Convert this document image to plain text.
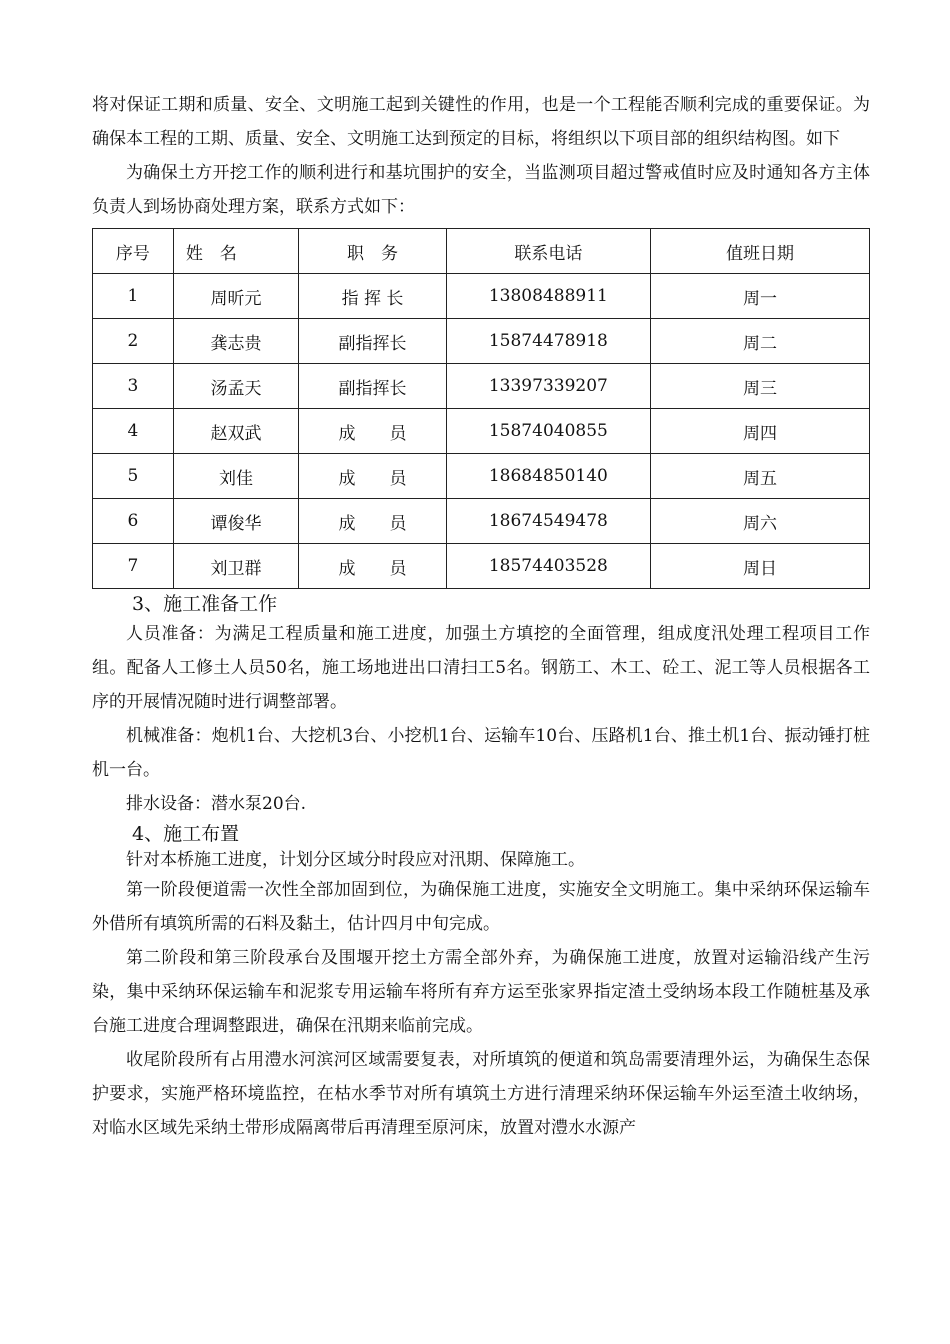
将对保证工期和质量、安全、文明施工起到关键性的作用，也是一个工程能否顺利完成的重要保证。为确保本工程的工期、质量、安全、文明施工达到预定的目标，将组织以下项目部的组织结构图。如下

为确保土方开挖工作的顺利进行和基坑围护的安全，当监测项目超过警戒值时应及时通知各方主体负责人到场协商处理方案，联系方式如下：

序号	姓　名	职　务	联系电话	值班日期
1	周昕元	指 挥 长	13808488911	周一
2	龚志贵	副指挥长	15874478918	周二
3	汤孟天	副指挥长	13397339207	周三
4	赵双武	成　　员	15874040855	周四
5	刘佳	成　　员	18684850140	周五
6	谭俊华	成　　员	18674549478	周六
7	刘卫群	成　　员	18574403528	周日

3、施工准备工作

人员准备：为满足工程质量和施工进度，加强土方填挖的全面管理，组成度汛处理工程项目工作组。配备人工修土人员50名，施工场地进出口清扫工5名。钢筋工、木工、砼工、泥工等人员根据各工序的开展情况随时进行调整部署。

机械准备：炮机1台、大挖机3台、小挖机1台、运输车10台、压路机1台、推土机1台、振动锤打桩机一台。

排水设备：潜水泵20台.

4、施工布置

针对本桥施工进度，计划分区域分时段应对汛期、保障施工。

第一阶段便道需一次性全部加固到位，为确保施工进度，实施安全文明施工。集中采纳环保运输车外借所有填筑所需的石料及黏土，估计四月中旬完成。

第二阶段和第三阶段承台及围堰开挖土方需全部外弃，为确保施工进度，放置对运输沿线产生污染，集中采纳环保运输车和泥浆专用运输车将所有弃方运至张家界指定渣土受纳场本段工作随桩基及承台施工进度合理调整跟进，确保在汛期来临前完成。

收尾阶段所有占用澧水河滨河区域需要复表，对所填筑的便道和筑岛需要清理外运，为确保生态保护要求，实施严格环境监控，在枯水季节对所有填筑土方进行清理采纳环保运输车外运至渣土收纳场，对临水区域先采纳土带形成隔离带后再清理至原河床，放置对澧水水源产
